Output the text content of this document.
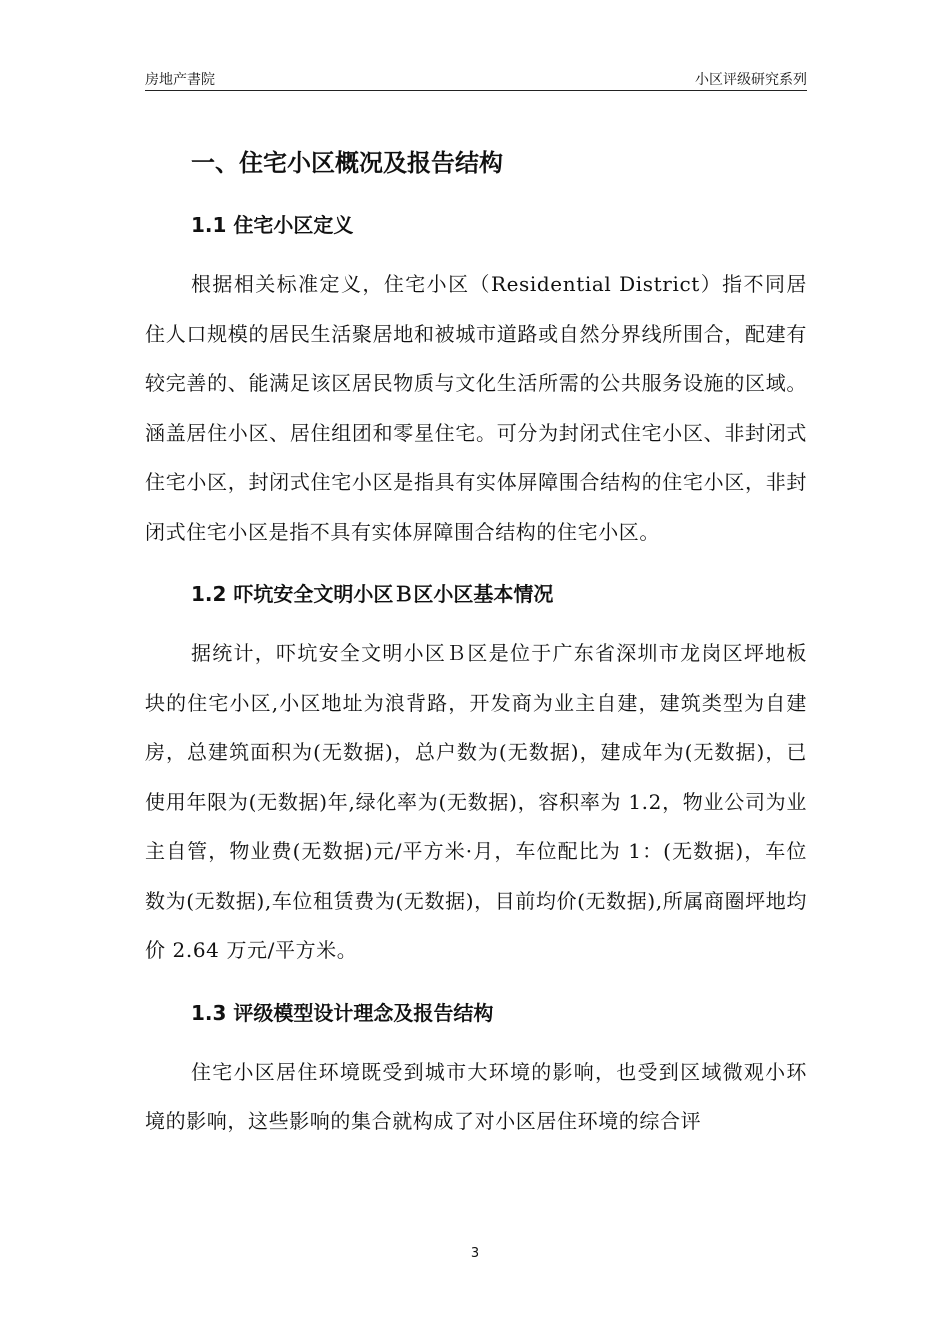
房地产書院	小区评级研究系列
一、住宅小区概况及报告结构
1.1 住宅小区定义

根据相关标准定义，住宅小区（Residential District）指不同居住人口规模的居民生活聚居地和被城市道路或自然分界线所围合，配建有较完善的、能满足该区居民物质与文化生活所需的公共服务设施的区域。涵盖居住小区、居住组团和零星住宅。可分为封闭式住宅小区、非封闭式住宅小区，封闭式住宅小区是指具有实体屏障围合结构的住宅小区，非封闭式住宅小区是指不具有实体屏障围合结构的住宅小区。

1.2 吓坑安全文明小区Ｂ区小区基本情况

据统计，吓坑安全文明小区Ｂ区是位于广东省深圳市龙岗区坪地板块的住宅小区,小区地址为浪背路，开发商为业主自建，建筑类型为自建房，总建筑面积为(无数据)，总户数为(无数据)，建成年为(无数据)，已使用年限为(无数据)年,绿化率为(无数据)，容积率为 1.2，物业公司为业主自管，物业费(无数据)元/平方米·月，车位配比为 1：(无数据)，车位数为(无数据),车位租赁费为(无数据)，目前均价(无数据),所属商圈坪地均价 2.64 万元/平方米。

1.3 评级模型设计理念及报告结构

住宅小区居住环境既受到城市大环境的影响，也受到区域微观小环境的影响，这些影响的集合就构成了对小区居住环境的综合评

3
